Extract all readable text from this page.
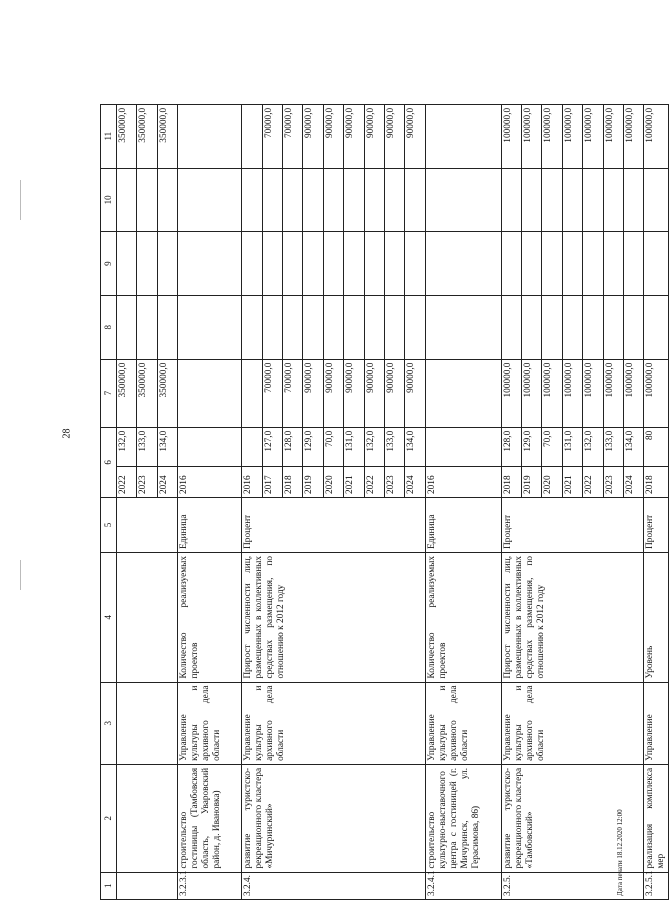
28
Дата печати 18.12.2020 12:00
1	2	3	4	5	6		7	8	9	10	11
					2022	132,0	350000,0				350000,0
					2023	133,0	350000,0				350000,0
					2024	134,0	350000,0				350000,0
3.2.3.1	строительство гостиницы (Тамбовская область, Уваровский район, д. Ивановка)	Управление культуры и архивного дела области	Количество реализуемых проектов	Единица	2016						
3.2.4.	развитие туристско-рекреационного кластера «Мичуринский»	Управление культуры и архивного дела области	Прирост численности лиц, размещенных в коллективных средствах размещения, по отношению к 2012 году	Процент	2016						
					2017	127,0	70000,0				70000,0
					2018	128,0	70000,0				70000,0
					2019	129,0	90000,0				90000,0
					2020	70,0	90000,0				90000,0
					2021	131,0	90000,0				90000,0
					2022	132,0	90000,0				90000,0
					2023	133,0	90000,0				90000,0
					2024	134,0	90000,0				90000,0
3.2.4.1	строительство культурно-выставочного центра с гостиницей (г. Мичуринск, ул. Герасимова, 86)	Управление культуры и архивного дела области	Количество реализуемых проектов	Единица	2016						
3.2.5.	развитие туристско-рекреационного кластера «Тамбовский»	Управление культуры и архивного дела области	Прирост численности лиц, размещенных в коллективных средствах размещения, по отношению к 2012 году	Процент	2018	128,0	100000,0				100000,0
					2019	129,0	100000,0				100000,0
					2020	70,0	100000,0				100000,0
					2021	131,0	100000,0				100000,0
					2022	132,0	100000,0				100000,0
					2023	133,0	100000,0				100000,0
					2024	134,0	100000,0				100000,0
3.2.5.1	реализация комплекса мер	Управление	Уровень	Процент	2018	80	100000,0				100000,0
